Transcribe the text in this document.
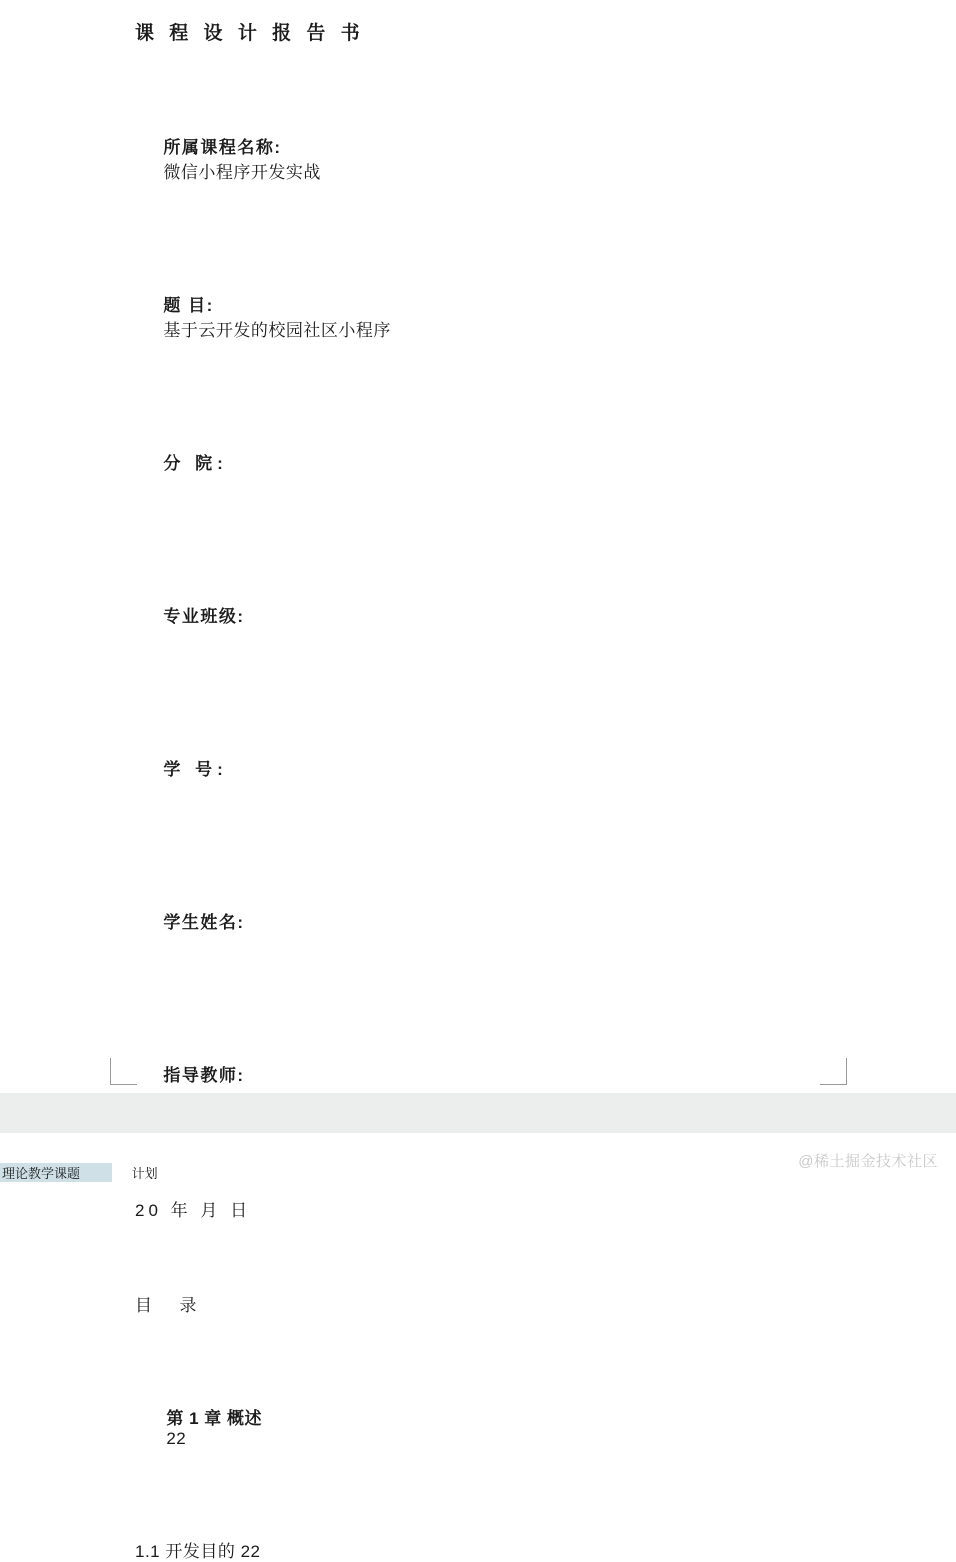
课 程 设 计 报 告 书

所属课程名称:
微信小程序开发实战

题 目:
基于云开发的校园社区小程序

分 院:

专业班级:

学 号:

学生姓名:

指导教师:

20 年 月 日
目  录

第 1 章 概述
22

1.1 开发目的 22
@稀土掘金技术社区
理论教学课题	计划
